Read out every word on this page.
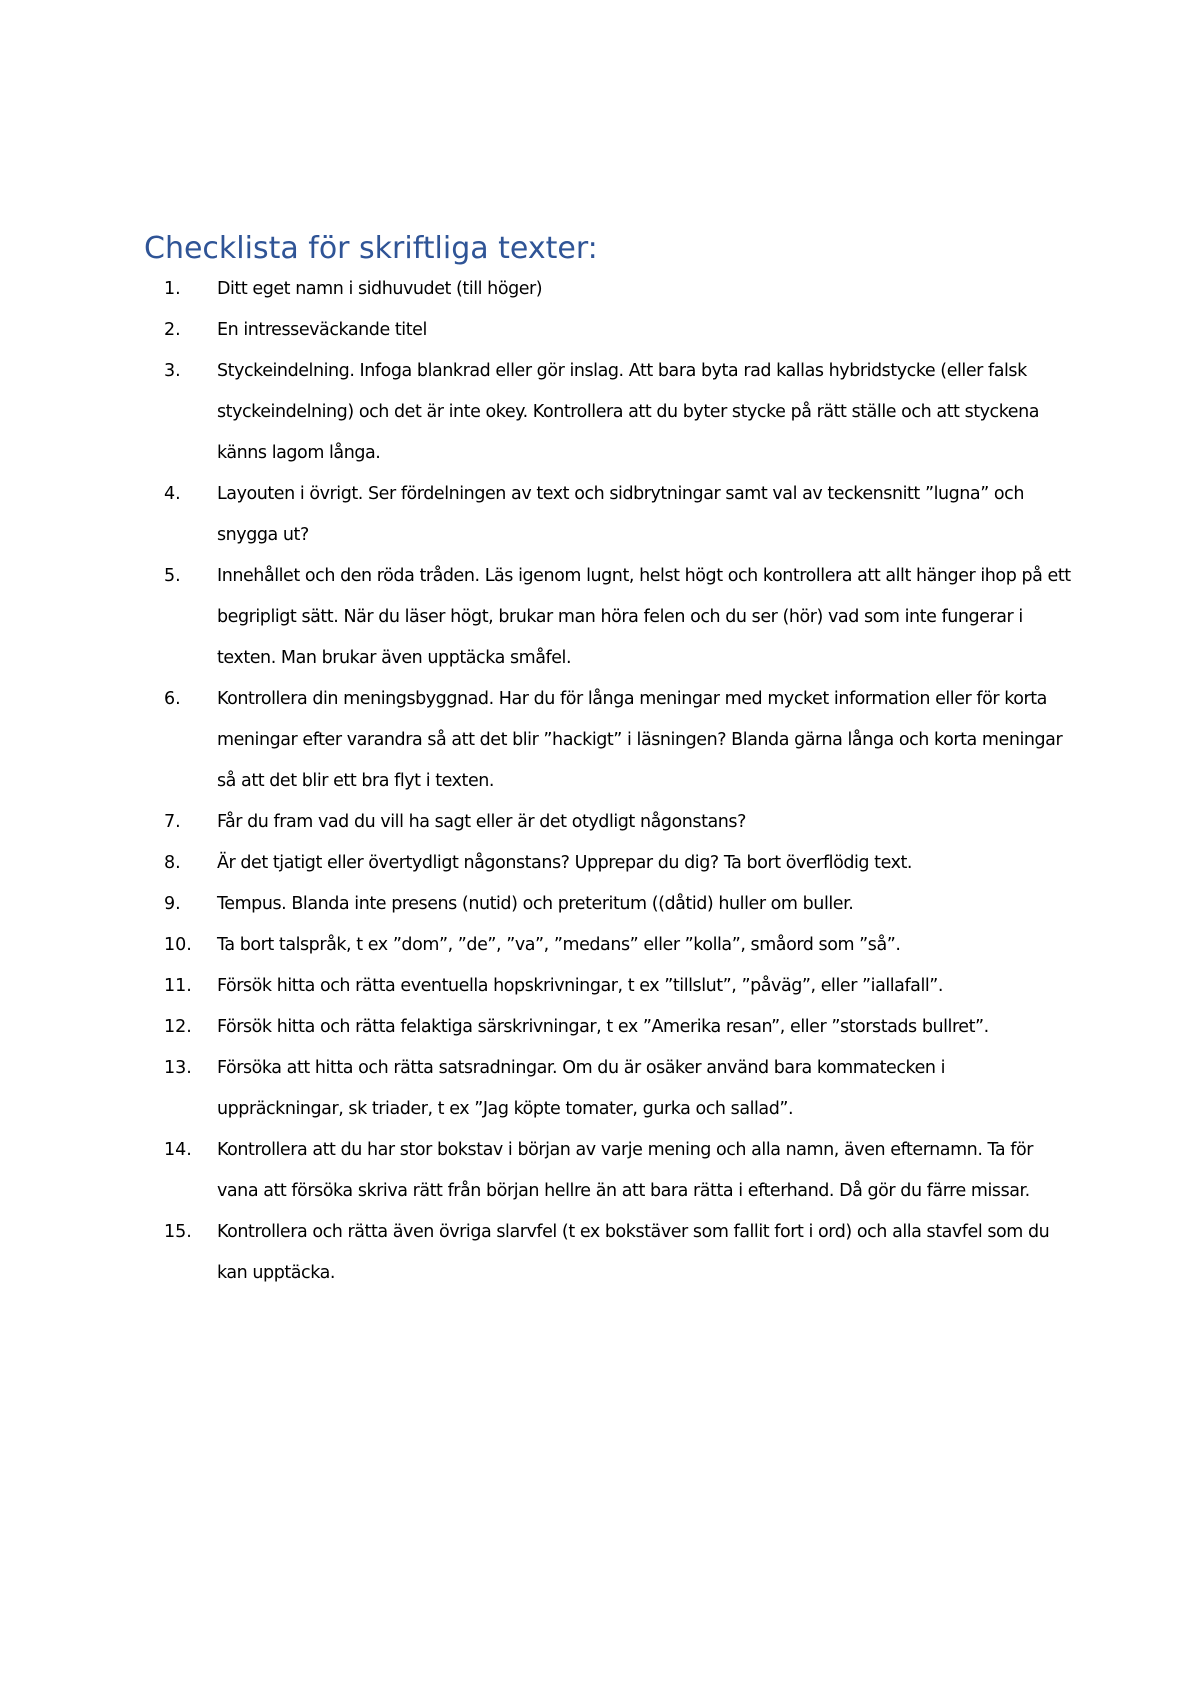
Checklista för skriftliga texter:
1.	Ditt eget namn i sidhuvudet (till höger)
2.	En intresseväckande titel
3.	Styckeindelning. Infoga blankrad eller gör inslag. Att bara byta rad kallas hybridstycke (eller falsk styckeindelning) och det är inte okey. Kontrollera att du byter stycke på rätt ställe och att styckena känns lagom långa.
4.	Layouten i övrigt. Ser fördelningen av text och sidbrytningar samt val av teckensnitt ”lugna” och snygga ut?
5.	Innehållet och den röda tråden. Läs igenom lugnt, helst högt och kontrollera att allt hänger ihop på ett begripligt sätt. När du läser högt, brukar man höra felen och du ser (hör) vad som inte fungerar i texten. Man brukar även upptäcka småfel.
6.	Kontrollera din meningsbyggnad. Har du för långa meningar med mycket information eller för korta meningar efter varandra så att det blir ”hackigt” i läsningen? Blanda gärna långa och korta meningar så att det blir ett bra flyt i texten.
7.	Får du fram vad du vill ha sagt eller är det otydligt någonstans?
8.	Är det tjatigt eller övertydligt någonstans? Upprepar du dig? Ta bort överflödig text.
9.	Tempus. Blanda inte presens (nutid) och preteritum ((dåtid) huller om buller.
10.	Ta bort talspråk, t ex ”dom”, ”de”, ”va”, ”medans” eller ”kolla”, småord som ”så”.
11.	Försök hitta och rätta eventuella hopskrivningar, t ex ”tillslut”, ”påväg”, eller ”iallafall”.
12.	Försök hitta och rätta felaktiga särskrivningar, t ex ”Amerika resan”, eller ”storstads bullret”.
13.	Försöka att hitta och rätta satsradningar. Om du är osäker använd bara kommatecken i uppräckningar, sk triader, t ex ”Jag köpte tomater, gurka och sallad”.
14.	Kontrollera att du har stor bokstav i början av varje mening och alla namn, även efternamn. Ta för vana att försöka skriva rätt från början hellre än att bara rätta i efterhand. Då gör du färre missar.
15.	Kontrollera och rätta även övriga slarvfel (t ex bokstäver som fallit fort i ord) och alla stavfel som du kan upptäcka.
